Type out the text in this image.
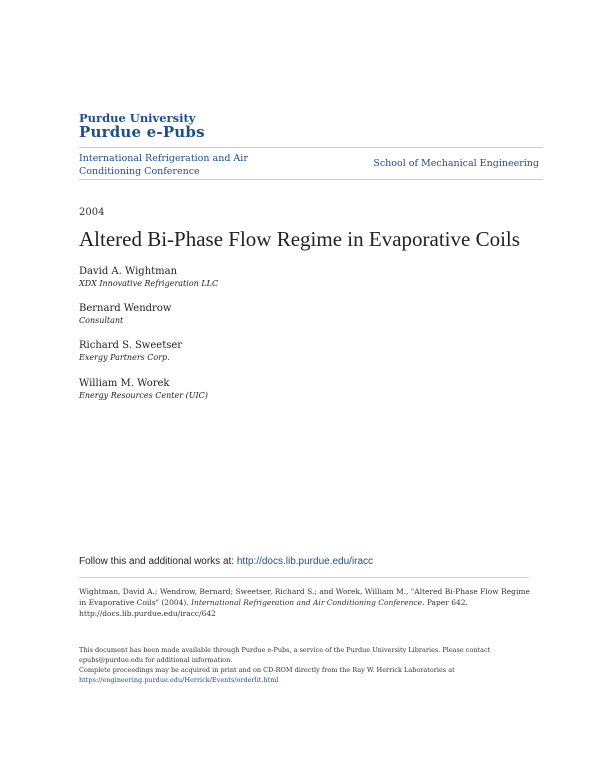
Purdue University
Purdue e-Pubs
International Refrigeration and Air Conditioning Conference
School of Mechanical Engineering
2004
Altered Bi-Phase Flow Regime in Evaporative Coils
David A. Wightman
XDX Innovative Refrigeration LLC
Bernard Wendrow
Consultant
Richard S. Sweetser
Exergy Partners Corp.
William M. Worek
Energy Resources Center (UIC)
Follow this and additional works at: http://docs.lib.purdue.edu/iracc
Wightman, David A.; Wendrow, Bernard; Sweetser, Richard S.; and Worek, William M., "Altered Bi-Phase Flow Regime in Evaporative Coils" (2004). International Refrigeration and Air Conditioning Conference. Paper 642.
http://docs.lib.purdue.edu/iracc/642
This document has been made available through Purdue e-Pubs, a service of the Purdue University Libraries. Please contact epubs@purdue.edu for additional information.
Complete proceedings may be acquired in print and on CD-ROM directly from the Ray W. Herrick Laboratories at https://engineering.purdue.edu/Herrick/Events/orderlit.html
